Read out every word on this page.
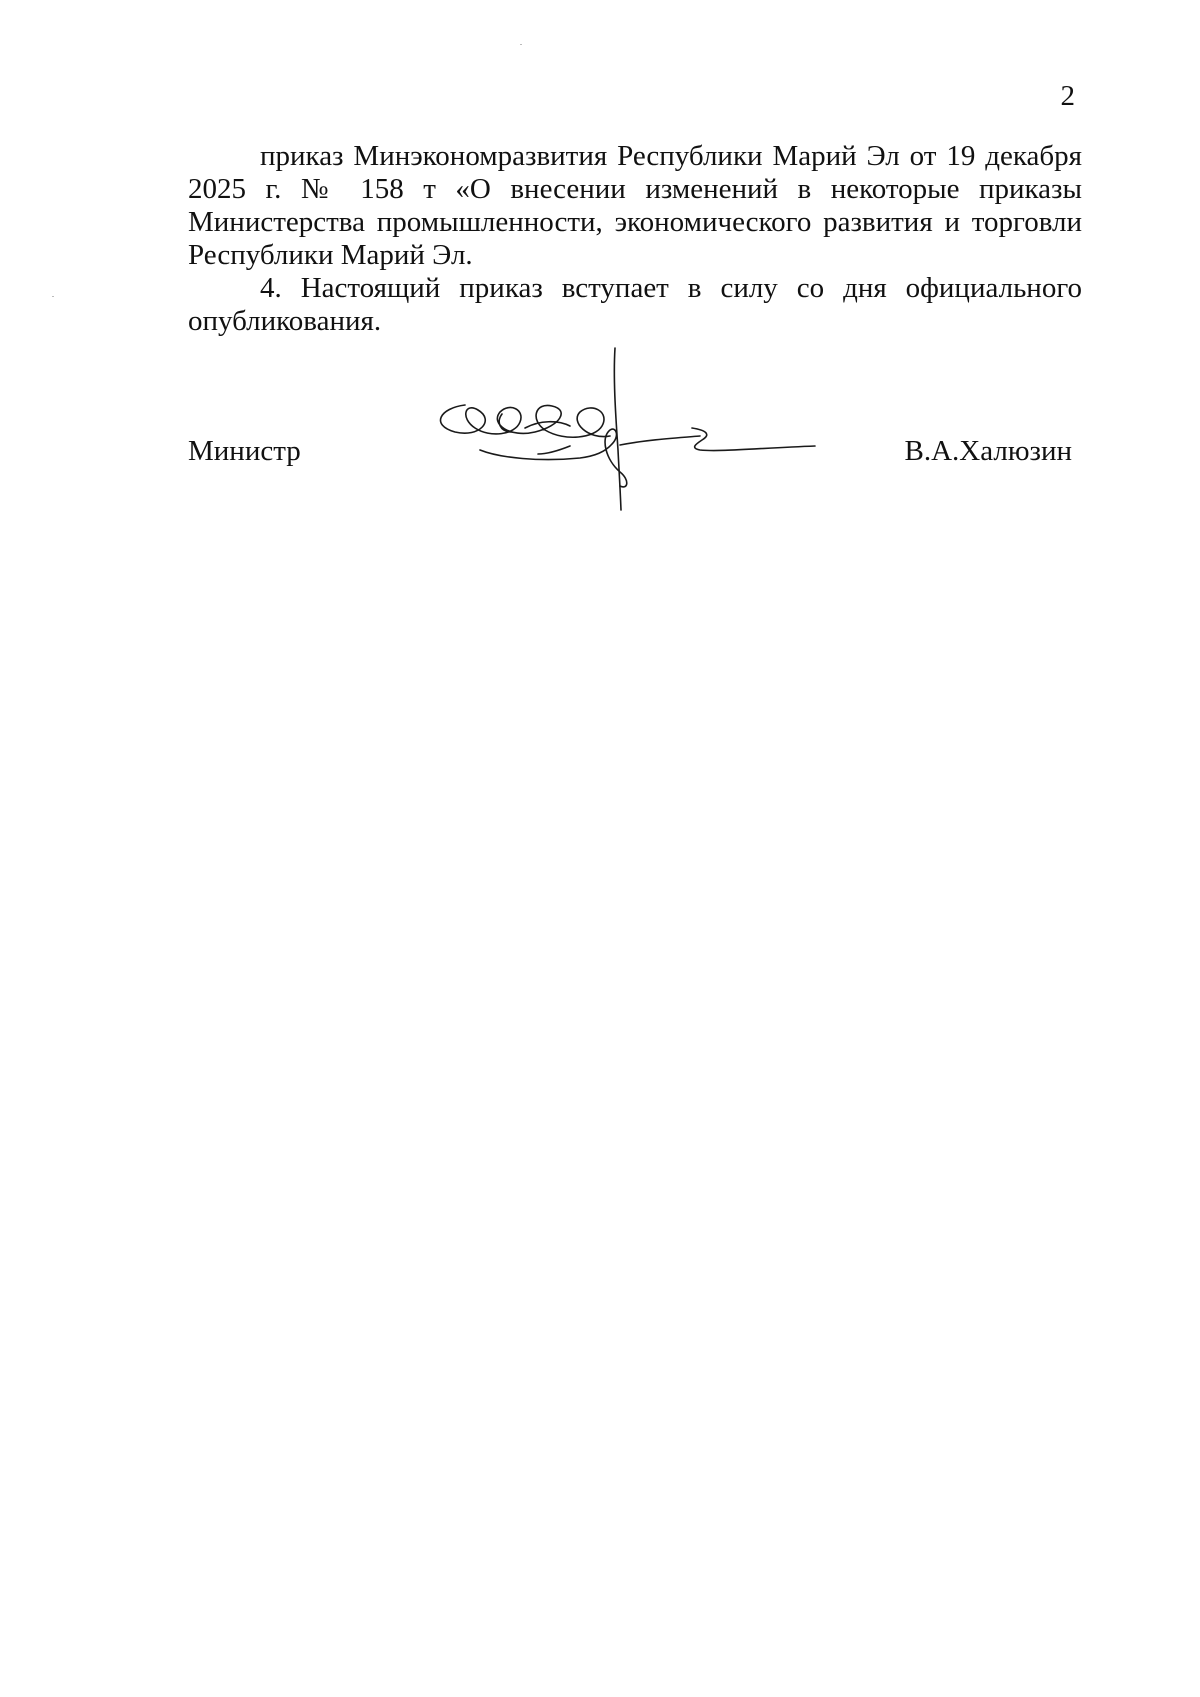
2

приказ Минэкономразвития Республики Марий Эл от 19 декабря 2025 г. № 158 т «О внесении изменений в некоторые приказы Министерства промышленности, экономического развития и торговли Республики Марий Эл.

4. Настоящий приказ вступает в силу со дня официального опубликования.

Министр	В.А.Халюзин
